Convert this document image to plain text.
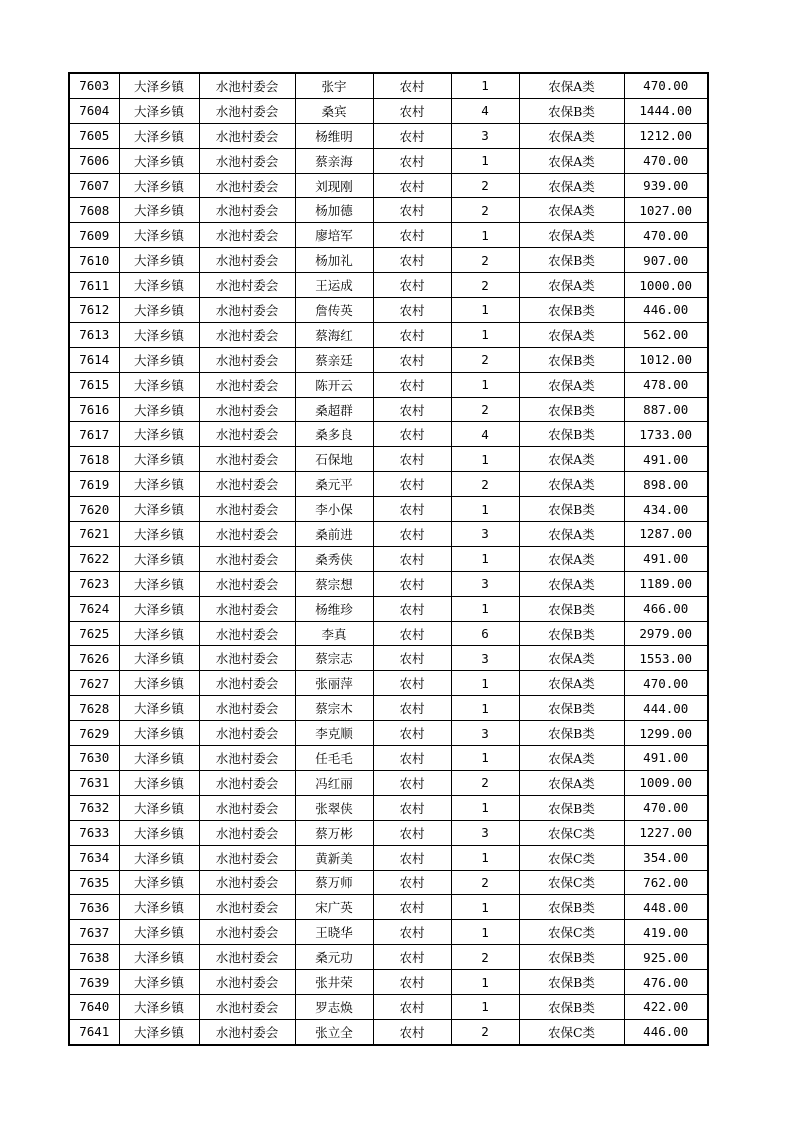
7603	大泽乡镇	水池村委会	张宇	农村	1	农保A类	470.00
7604	大泽乡镇	水池村委会	桑宾	农村	4	农保B类	1444.00
7605	大泽乡镇	水池村委会	杨维明	农村	3	农保A类	1212.00
7606	大泽乡镇	水池村委会	蔡亲海	农村	1	农保A类	470.00
7607	大泽乡镇	水池村委会	刘现刚	农村	2	农保A类	939.00
7608	大泽乡镇	水池村委会	杨加德	农村	2	农保A类	1027.00
7609	大泽乡镇	水池村委会	廖培军	农村	1	农保A类	470.00
7610	大泽乡镇	水池村委会	杨加礼	农村	2	农保B类	907.00
7611	大泽乡镇	水池村委会	王运成	农村	2	农保A类	1000.00
7612	大泽乡镇	水池村委会	詹传英	农村	1	农保B类	446.00
7613	大泽乡镇	水池村委会	蔡海红	农村	1	农保A类	562.00
7614	大泽乡镇	水池村委会	蔡亲廷	农村	2	农保B类	1012.00
7615	大泽乡镇	水池村委会	陈开云	农村	1	农保A类	478.00
7616	大泽乡镇	水池村委会	桑超群	农村	2	农保B类	887.00
7617	大泽乡镇	水池村委会	桑多良	农村	4	农保B类	1733.00
7618	大泽乡镇	水池村委会	石保地	农村	1	农保A类	491.00
7619	大泽乡镇	水池村委会	桑元平	农村	2	农保A类	898.00
7620	大泽乡镇	水池村委会	李小保	农村	1	农保B类	434.00
7621	大泽乡镇	水池村委会	桑前进	农村	3	农保A类	1287.00
7622	大泽乡镇	水池村委会	桑秀侠	农村	1	农保A类	491.00
7623	大泽乡镇	水池村委会	蔡宗想	农村	3	农保A类	1189.00
7624	大泽乡镇	水池村委会	杨维珍	农村	1	农保B类	466.00
7625	大泽乡镇	水池村委会	李真	农村	6	农保B类	2979.00
7626	大泽乡镇	水池村委会	蔡宗志	农村	3	农保A类	1553.00
7627	大泽乡镇	水池村委会	张丽萍	农村	1	农保A类	470.00
7628	大泽乡镇	水池村委会	蔡宗木	农村	1	农保B类	444.00
7629	大泽乡镇	水池村委会	李克顺	农村	3	农保B类	1299.00
7630	大泽乡镇	水池村委会	任毛毛	农村	1	农保A类	491.00
7631	大泽乡镇	水池村委会	冯红丽	农村	2	农保A类	1009.00
7632	大泽乡镇	水池村委会	张翠侠	农村	1	农保B类	470.00
7633	大泽乡镇	水池村委会	蔡万彬	农村	3	农保C类	1227.00
7634	大泽乡镇	水池村委会	黄新美	农村	1	农保C类	354.00
7635	大泽乡镇	水池村委会	蔡万师	农村	2	农保C类	762.00
7636	大泽乡镇	水池村委会	宋广英	农村	1	农保B类	448.00
7637	大泽乡镇	水池村委会	王晓华	农村	1	农保C类	419.00
7638	大泽乡镇	水池村委会	桑元功	农村	2	农保B类	925.00
7639	大泽乡镇	水池村委会	张井荣	农村	1	农保B类	476.00
7640	大泽乡镇	水池村委会	罗志焕	农村	1	农保B类	422.00
7641	大泽乡镇	水池村委会	张立全	农村	2	农保C类	446.00
